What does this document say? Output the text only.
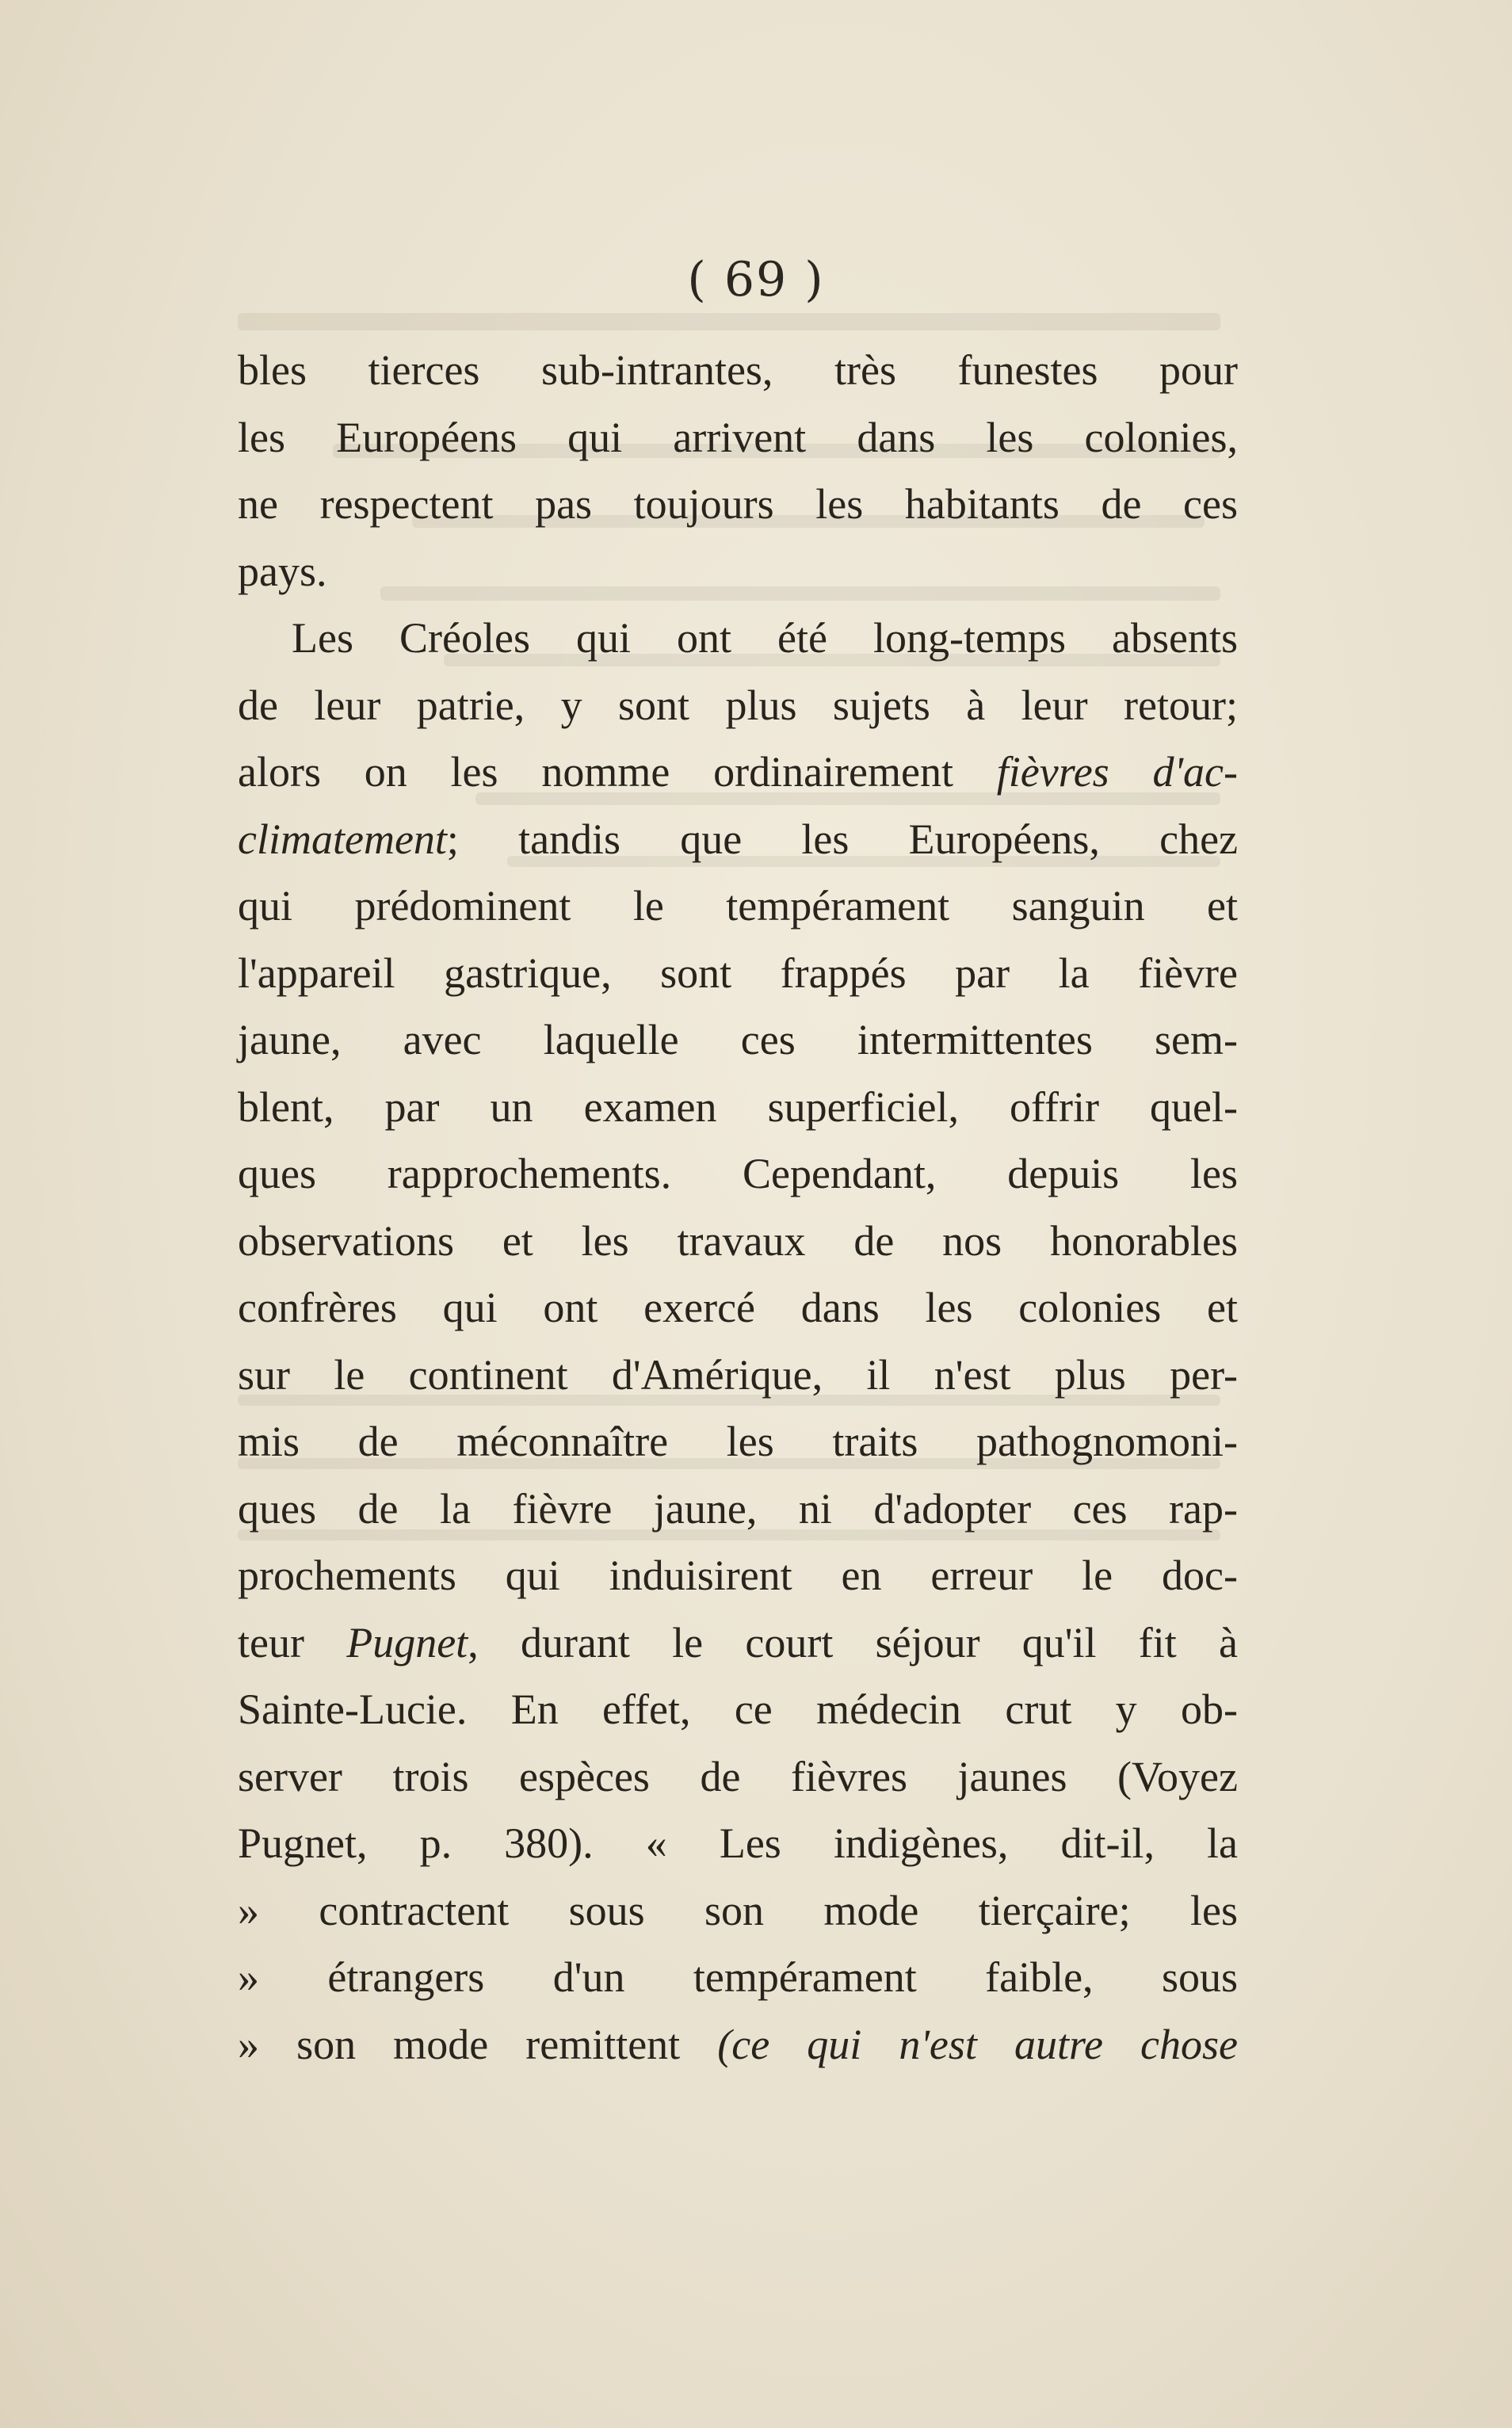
( 69 )
bles tierces sub-intrantes, très funestes pour
les Européens qui arrivent dans les colonies,
ne respectent pas toujours les habitants de ces
pays.
Les Créoles qui ont été long-temps absents
de leur patrie, y sont plus sujets à leur retour;
alors on les nomme ordinairement fièvres d'ac-
climatement; tandis que les Européens, chez
qui prédominent le tempérament sanguin et
l'appareil gastrique, sont frappés par la fièvre
jaune, avec laquelle ces intermittentes sem-
blent, par un examen superficiel, offrir quel-
ques rapprochements. Cependant, depuis les
observations et les travaux de nos honorables
confrères qui ont exercé dans les colonies et
sur le continent d'Amérique, il n'est plus per-
mis de méconnaître les traits pathognomoni-
ques de la fièvre jaune, ni d'adopter ces rap-
prochements qui induisirent en erreur le doc-
teur Pugnet, durant le court séjour qu'il fit à
Sainte-Lucie. En effet, ce médecin crut y ob-
server trois espèces de fièvres jaunes (Voyez
Pugnet, p. 380). « Les indigènes, dit-il, la
» contractent sous son mode tierçaire; les
» étrangers d'un tempérament faible, sous
» son mode remittent (ce qui n'est autre chose
